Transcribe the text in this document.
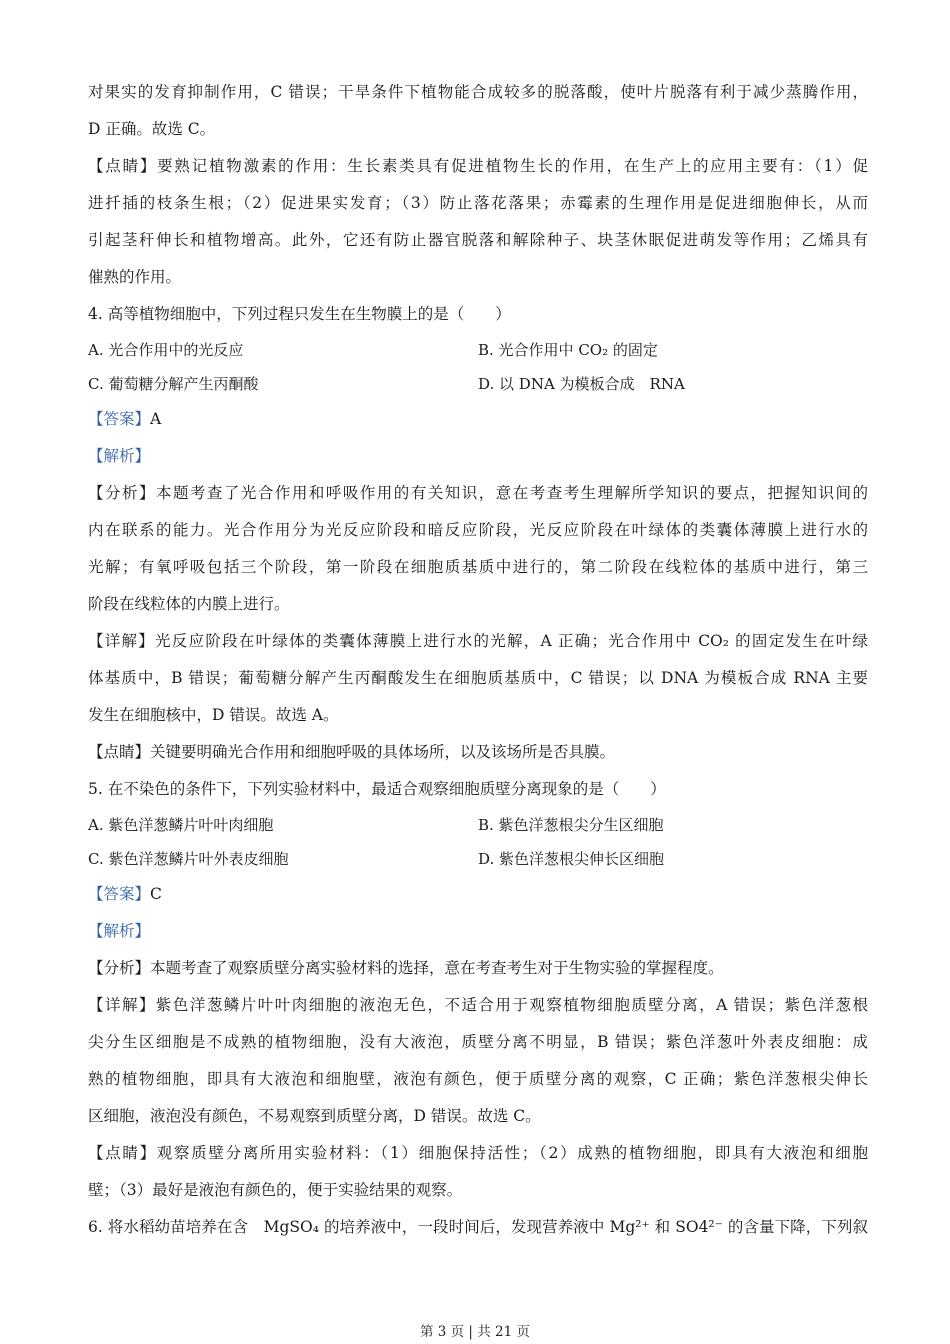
对果实的发育抑制作用，C 错误；干旱条件下植物能合成较多的脱落酸，使叶片脱落有利于减少蒸腾作用，
D 正确。故选 C。
【点睛】要熟记植物激素的作用：生长素类具有促进植物生长的作用，在生产上的应用主要有：（1）促
进扦插的枝条生根；（2）促进果实发育；（3）防止落花落果；赤霉素的生理作用是促进细胞伸长，从而
引起茎秆伸长和植物增高。此外，它还有防止器官脱落和解除种子、块茎休眠促进萌发等作用；乙烯具有
催熟的作用。
4. 高等植物细胞中，下列过程只发生在生物膜上的是（　　）
A. 光合作用中的光反应	B. 光合作用中 CO₂ 的固定
C. 葡萄糖分解产生丙酮酸	D. 以 DNA 为模板合成　RNA
【答案】A
【解析】
【分析】本题考查了光合作用和呼吸作用的有关知识，意在考查考生理解所学知识的要点，把握知识间的
内在联系的能力。光合作用分为光反应阶段和暗反应阶段，光反应阶段在叶绿体的类囊体薄膜上进行水的
光解；有氧呼吸包括三个阶段，第一阶段在细胞质基质中进行的，第二阶段在线粒体的基质中进行，第三
阶段在线粒体的内膜上进行。
【详解】光反应阶段在叶绿体的类囊体薄膜上进行水的光解，A 正确；光合作用中 CO₂ 的固定发生在叶绿
体基质中，B 错误；葡萄糖分解产生丙酮酸发生在细胞质基质中，C 错误；以 DNA 为模板合成 RNA 主要
发生在细胞核中，D 错误。故选 A。
【点睛】关键要明确光合作用和细胞呼吸的具体场所，以及该场所是否具膜。
5. 在不染色的条件下，下列实验材料中，最适合观察细胞质壁分离现象的是（　　）
A. 紫色洋葱鳞片叶叶肉细胞	B. 紫色洋葱根尖分生区细胞
C. 紫色洋葱鳞片叶外表皮细胞	D. 紫色洋葱根尖伸长区细胞
【答案】C
【解析】
【分析】本题考查了观察质壁分离实验材料的选择，意在考查考生对于生物实验的掌握程度。
【详解】紫色洋葱鳞片叶叶肉细胞的液泡无色，不适合用于观察植物细胞质壁分离，A 错误；紫色洋葱根
尖分生区细胞是不成熟的植物细胞，没有大液泡，质壁分离不明显，B 错误；紫色洋葱叶外表皮细胞：成
熟的植物细胞，即具有大液泡和细胞壁，液泡有颜色，便于质壁分离的观察，C 正确；紫色洋葱根尖伸长
区细胞，液泡没有颜色，不易观察到质壁分离，D 错误。故选 C。
【点睛】观察质壁分离所用实验材料：（1）细胞保持活性；（2）成熟的植物细胞，即具有大液泡和细胞
壁；（3）最好是液泡有颜色的，便于实验结果的观察。
6. 将水稻幼苗培养在含　MgSO₄ 的培养液中，一段时间后，发现营养液中 Mg²⁺ 和 SO4²⁻ 的含量下降，下列叙
第 3 页 | 共 21 页
